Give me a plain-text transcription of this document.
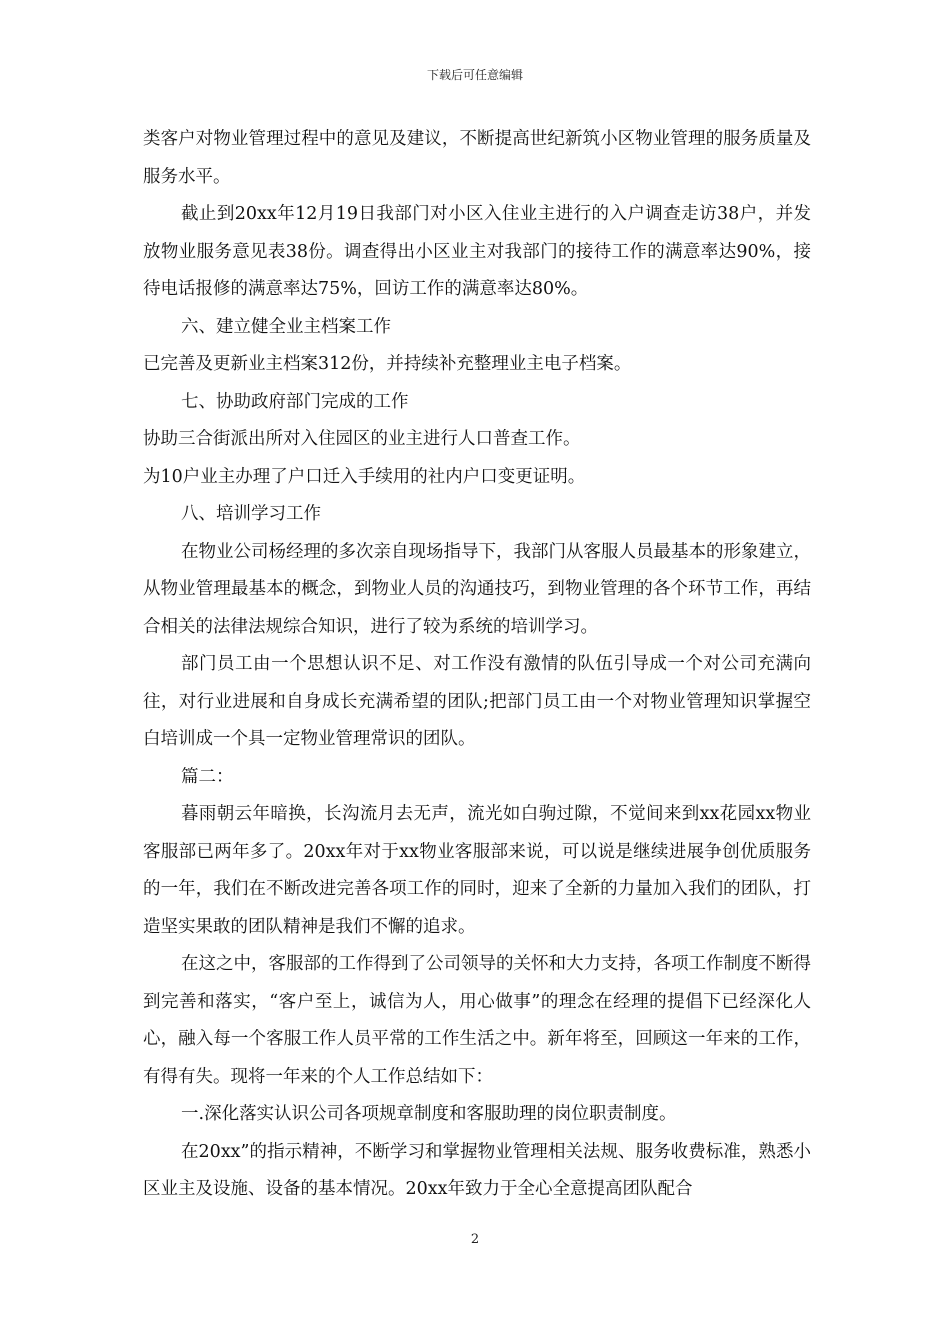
下载后可任意编辑

类客户对物业管理过程中的意见及建议，不断提高世纪新筑小区物业管理的服务质量及服务水平。

截止到20xx年12月19日我部门对小区入住业主进行的入户调查走访38户，并发放物业服务意见表38份。调查得出小区业主对我部门的接待工作的满意率达90%，接待电话报修的满意率达75%，回访工作的满意率达80%。

六、建立健全业主档案工作

已完善及更新业主档案312份，并持续补充整理业主电子档案。

七、协助政府部门完成的工作

协助三合街派出所对入住园区的业主进行人口普查工作。

为10户业主办理了户口迁入手续用的社内户口变更证明。

八、培训学习工作

在物业公司杨经理的多次亲自现场指导下，我部门从客服人员最基本的形象建立，从物业管理最基本的概念，到物业人员的沟通技巧，到物业管理的各个环节工作，再结合相关的法律法规综合知识，进行了较为系统的培训学习。

部门员工由一个思想认识不足、对工作没有激情的队伍引导成一个对公司充满向往，对行业进展和自身成长充满希望的团队;把部门员工由一个对物业管理知识掌握空白培训成一个具一定物业管理常识的团队。

篇二：

暮雨朝云年暗换，长沟流月去无声，流光如白驹过隙，不觉间来到xx花园xx物业客服部已两年多了。20xx年对于xx物业客服部来说，可以说是继续进展争创优质服务的一年，我们在不断改进完善各项工作的同时，迎来了全新的力量加入我们的团队，打造坚实果敢的团队精神是我们不懈的追求。

在这之中，客服部的工作得到了公司领导的关怀和大力支持，各项工作制度不断得到完善和落实，“客户至上，诚信为人，用心做事”的理念在经理的提倡下已经深化人心，融入每一个客服工作人员平常的工作生活之中。新年将至，回顾这一年来的工作，有得有失。现将一年来的个人工作总结如下：

一.深化落实认识公司各项规章制度和客服助理的岗位职责制度。

在20xx”的指示精神，不断学习和掌握物业管理相关法规、服务收费标准，熟悉小区业主及设施、设备的基本情况。20xx年致力于全心全意提高团队配合

2
